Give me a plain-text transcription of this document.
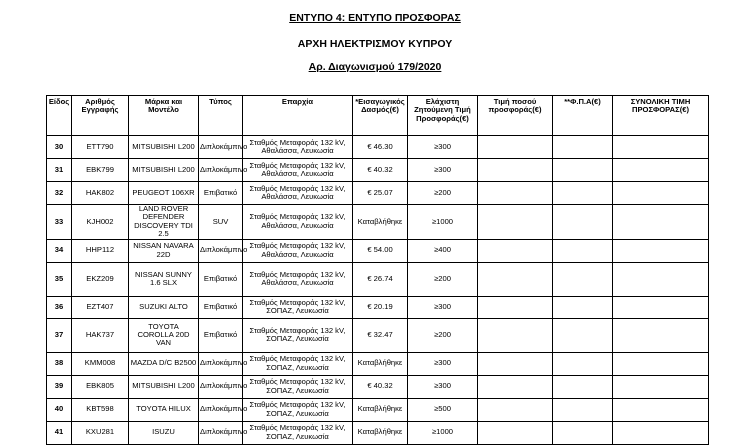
ΕΝΤΥΠΟ 4: ΕΝΤΥΠΟ ΠΡΟΣΦΟΡΑΣ
ΑΡΧΗ ΗΛΕΚΤΡΙΣΜΟΥ ΚΥΠΡΟΥ
Αρ. Διαγωνισμού 179/2020
Είδος	Αριθμός Εγγραφής	Μάρκα και Μοντέλο	Τύπος	Επαρχία	*Εισαγωγικός Δασμός(€)	Ελάχιστη Ζητούμενη Τιμή Προσφοράς(€)	Τιμή ποσού προσφοράς(€)	**Φ.Π.Α(€)	ΣΥΝΟΛΙΚΗ ΤΙΜΗ ΠΡΟΣΦΟΡΑΣ(€)
30	ETT790	MITSUBISHI L200	Διπλοκάμπινο	Σταθμός Μεταφοράς 132 kV, Αθαλάσσα, Λευκωσία	€ 46.30	≥300			
31	EBK799	MITSUBISHI L200	Διπλοκάμπινο	Σταθμός Μεταφοράς 132 kV, Αθαλάσσα, Λευκωσία	€ 40.32	≥300			
32	HAK802	PEUGEOT 106XR	Επιβατικό	Σταθμός Μεταφοράς 132 kV, Αθαλάσσα, Λευκωσία	€ 25.07	≥200			
33	KJH002	LAND ROVER DEFENDER DISCOVERY TDI 2.5	SUV	Σταθμός Μεταφοράς 132 kV, Αθαλάσσα, Λευκωσία	Καταβλήθηκε	≥1000			
34	HHP112	NISSAN NAVARA 22D	Διπλοκάμπινο	Σταθμός Μεταφοράς 132 kV, Αθαλάσσα, Λευκωσία	€ 54.00	≥400			
35	EKZ209	NISSAN SUNNY 1.6 SLX	Επιβατικό	Σταθμός Μεταφοράς 132 kV, Αθαλάσσα, Λευκωσία	€ 26.74	≥200			
36	EZT407	SUZUKI ALTO	Επιβατικό	Σταθμός Μεταφοράς 132 kV, ΣΟΠΑΖ, Λευκωσία	€ 20.19	≥300			
37	HAK737	TOYOTA COROLLA 20D VAN	Επιβατικό	Σταθμός Μεταφοράς 132 kV, ΣΟΠΑΖ, Λευκωσία	€ 32.47	≥200			
38	KMM008	MAZDA D/C B2500	Διπλοκάμπινο	Σταθμός Μεταφοράς 132 kV, ΣΟΠΑΖ, Λευκωσία	Καταβλήθηκε	≥300			
39	EBK805	MITSUBISHI L200	Διπλοκάμπινο	Σταθμός Μεταφοράς 132 kV, ΣΟΠΑΖ, Λευκωσία	€ 40.32	≥300			
40	KBT598	TOYOTA HILUX	Διπλοκάμπινο	Σταθμός Μεταφοράς 132 kV, ΣΟΠΑΖ, Λευκωσία	Καταβλήθηκε	≥500			
41	KXU281	ISUZU	Διπλοκάμπινο	Σταθμός Μεταφοράς 132 kV, ΣΟΠΑΖ, Λευκωσία	Καταβλήθηκε	≥1000			
